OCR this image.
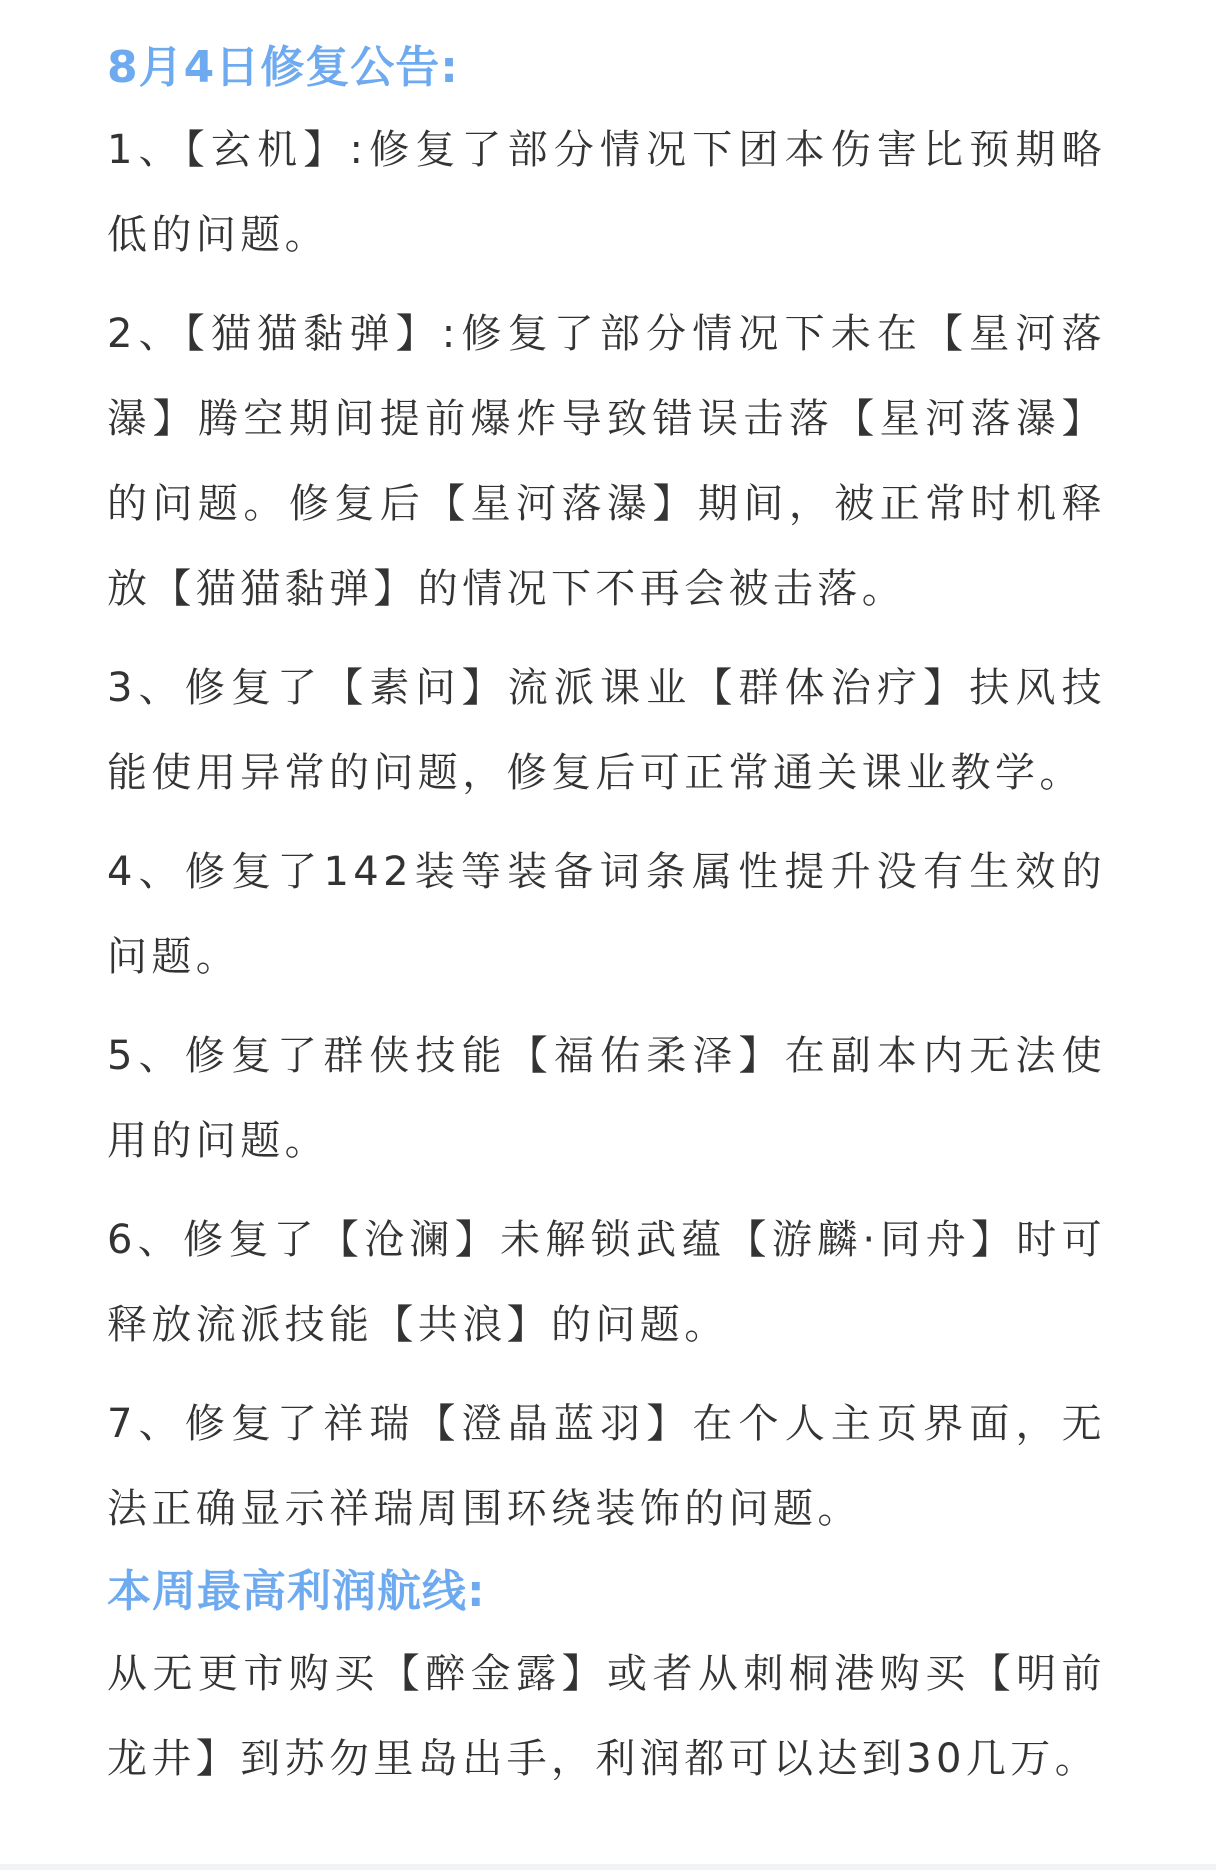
8月4日修复公告:

1、【玄机】:修复了部分情况下团本伤害比预期略低的问题。

2、【猫猫黏弹】:修复了部分情况下未在【星河落瀑】腾空期间提前爆炸导致错误击落【星河落瀑】的问题。修复后【星河落瀑】期间，被正常时机释放【猫猫黏弹】的情况下不再会被击落。

3、修复了【素问】流派课业【群体治疗】扶风技能使用异常的问题，修复后可正常通关课业教学。

4、修复了142装等装备词条属性提升没有生效的问题。

5、修复了群侠技能【福佑柔泽】在副本内无法使用的问题。

6、修复了【沧澜】未解锁武蕴【游麟·同舟】时可释放流派技能【共浪】的问题。

7、修复了祥瑞【澄晶蓝羽】在个人主页界面，无法正确显示祥瑞周围环绕装饰的问题。

本周最高利润航线:

从无更市购买【醉金露】或者从刺桐港购买【明前龙井】到苏勿里岛出手，利润都可以达到30几万。
